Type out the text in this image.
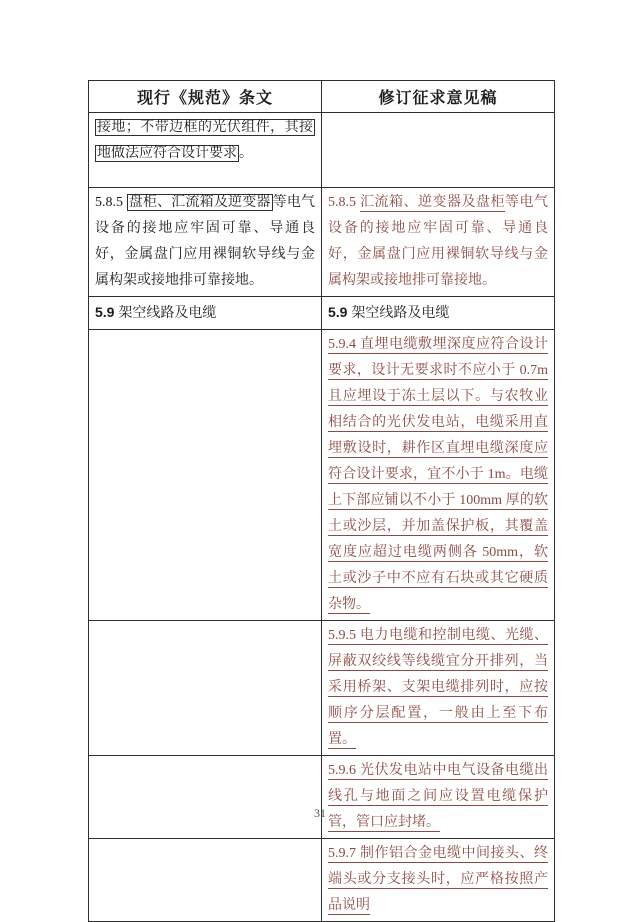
现行《规范》条文	修订征求意见稿
接地；不带边框的光伏组件，其接地做法应符合设计要求 。	
5.8.5 盘柜、汇流箱及逆变器 等电气设备的接地应牢固可靠、导通良好，金属盘门应用裸铜软导线与金属构架或接地排可靠接地。	5.8.5 汇流箱、逆变器及盘柜等电气设备的接地应牢固可靠、导通良好，金属盘门应用裸铜软导线与金属构架或接地排可靠接地。
5.9 架空线路及电缆	5.9 架空线路及电缆
	5.9.4 直埋电缆敷埋深度应符合设计要求，设计无要求时不应小于 0.7m 且应埋设于冻土层以下。与农牧业相结合的光伏发电站，电缆采用直埋敷设时，耕作区直埋电缆深度应符合设计要求，宜不小于 1m。电缆上下部应铺以不小于 100mm 厚的软土或沙层，并加盖保护板，其覆盖宽度应超过电缆两侧各 50mm，软土或沙子中不应有石块或其它硬质杂物。
	5.9.5 电力电缆和控制电缆、光缆、屏蔽双绞线等线缆宜分开排列，当采用桥架、支架电缆排列时，应按顺序分层配置，一般由上至下布置。
	5.9.6 光伏发电站中电气设备电缆出线孔与地面之间应设置电缆保护管，管口应封堵。
	5.9.7 制作铝合金电缆中间接头、终端头或分支接头时，应严格按照产品说明
31
